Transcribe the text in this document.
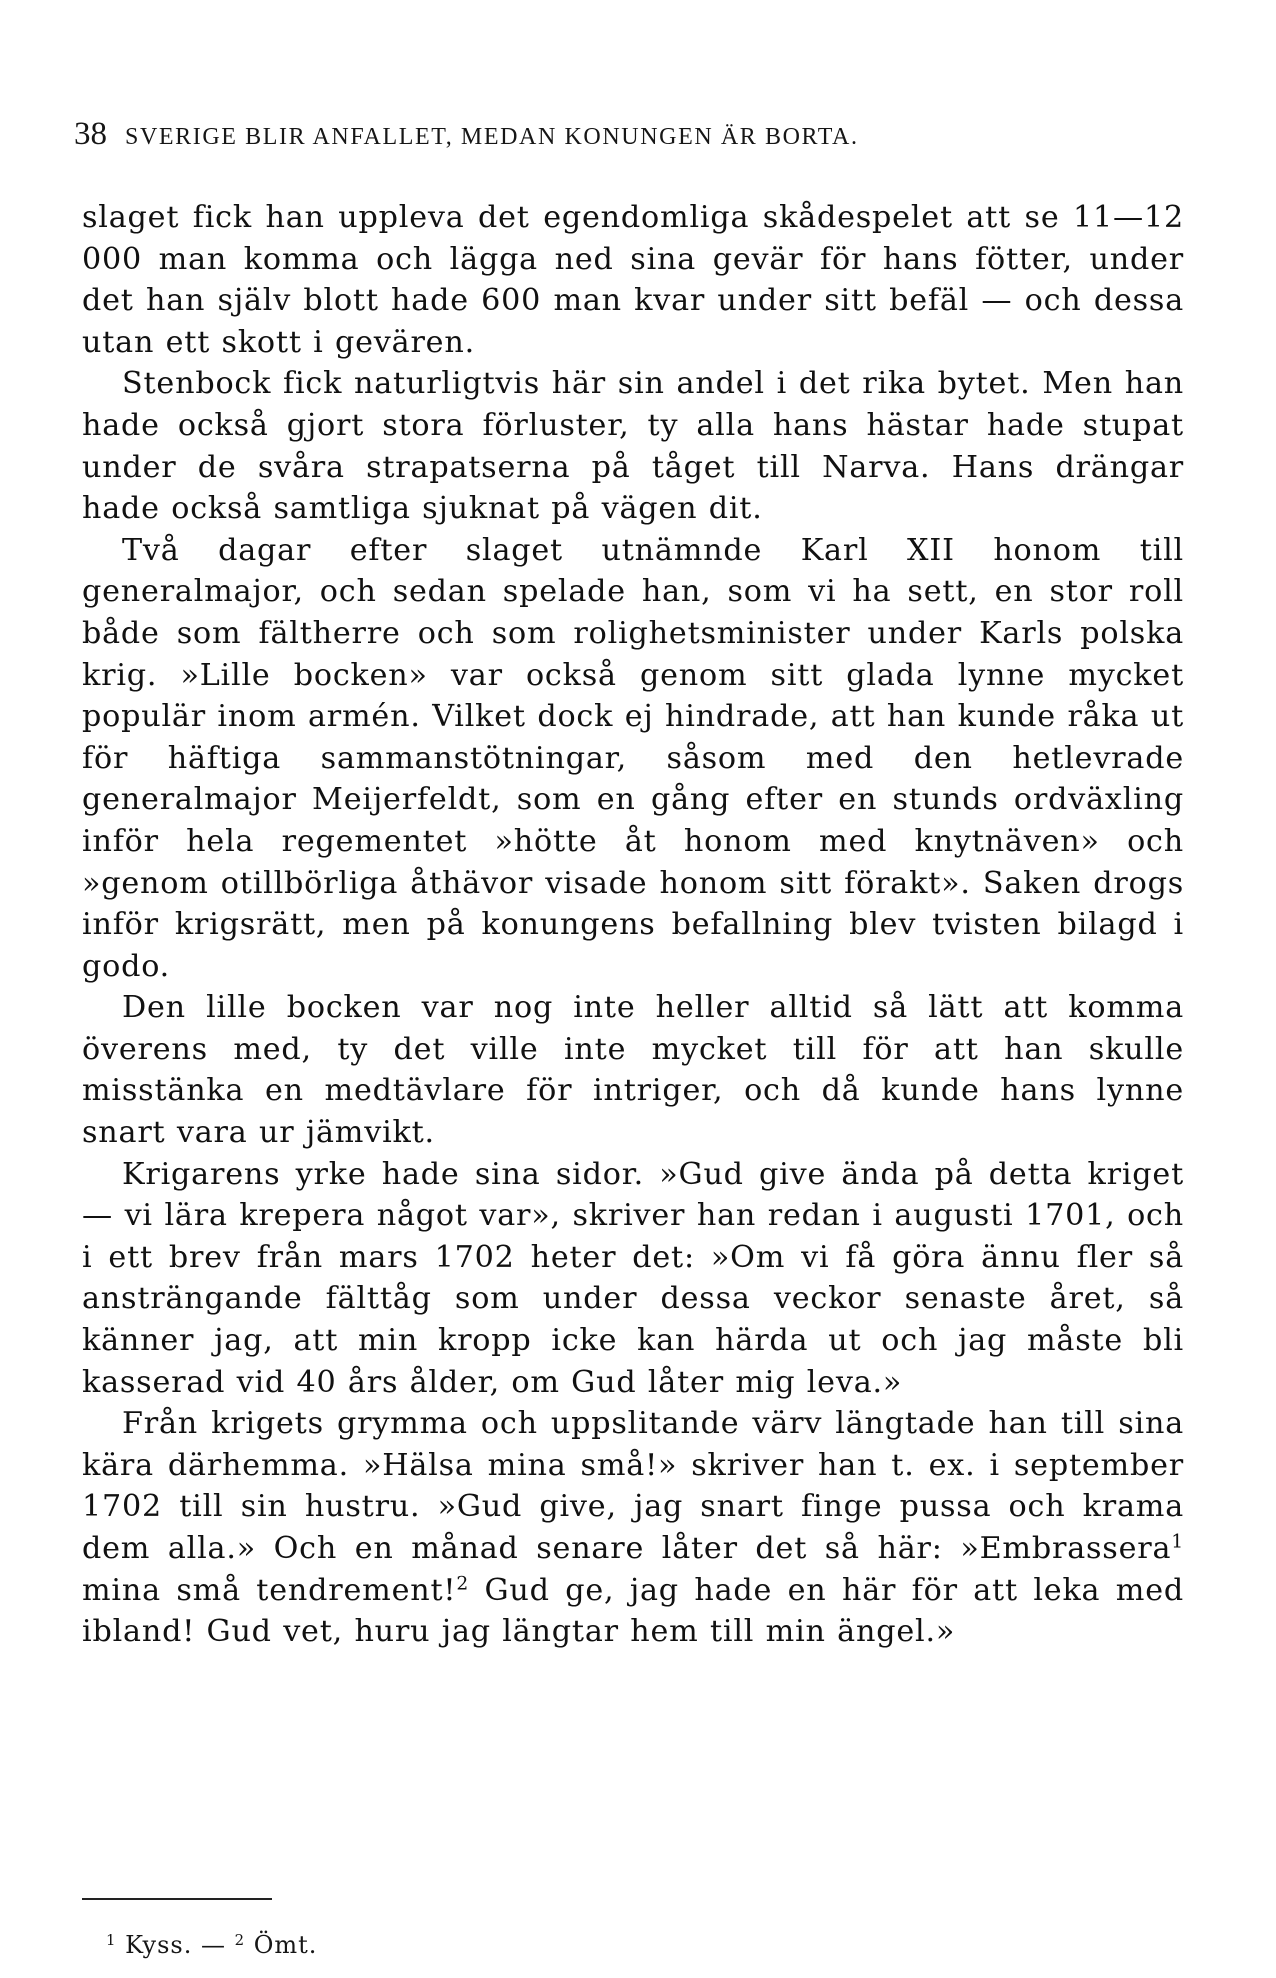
38 SVERIGE BLIR ANFALLET, MEDAN KONUNGEN ÄR BORTA.

slaget fick han uppleva det egendomliga skådespelet att se 11—12 000 man komma och lägga ned sina gevär för hans fötter, under det han själv blott hade 600 man kvar under sitt befäl — och dessa utan ett skott i gevären.

Stenbock fick naturligtvis här sin andel i det rika bytet. Men han hade också gjort stora förluster, ty alla hans hästar hade stupat under de svåra strapatserna på tåget till Narva. Hans drängar hade också samtliga sjuknat på vägen dit.

Två dagar efter slaget utnämnde Karl XII honom till generalmajor, och sedan spelade han, som vi ha sett, en stor roll både som fältherre och som rolighetsminister under Karls polska krig. »Lille bocken» var också genom sitt glada lynne mycket populär inom armén. Vilket dock ej hindrade, att han kunde råka ut för häftiga sammanstötningar, såsom med den hetlevrade generalmajor Meijerfeldt, som en gång efter en stunds ordväxling inför hela regementet »hötte åt honom med knytnäven» och »genom otillbörliga åthävor visade honom sitt förakt». Saken drogs inför krigsrätt, men på konungens befallning blev tvisten bilagd i godo.

Den lille bocken var nog inte heller alltid så lätt att komma överens med, ty det ville inte mycket till för att han skulle misstänka en medtävlare för intriger, och då kunde hans lynne snart vara ur jämvikt.

Krigarens yrke hade sina sidor. »Gud give ända på detta kriget — vi lära krepera något var», skriver han redan i augusti 1701, och i ett brev från mars 1702 heter det: »Om vi få göra ännu fler så ansträngande fälttåg som under dessa veckor senaste året, så känner jag, att min kropp icke kan härda ut och jag måste bli kasserad vid 40 års ålder, om Gud låter mig leva.»

Från krigets grymma och uppslitande värv längtade han till sina kära därhemma. »Hälsa mina små!» skriver han t. ex. i september 1702 till sin hustru. »Gud give, jag snart finge pussa och krama dem alla.» Och en månad senare låter det så här: »Embrassera$^1$ mina små tendrement!$^2$ Gud ge, jag hade en här för att leka med ibland! Gud vet, huru jag längtar hem till min ängel.»

$^1$ Kyss. — $^2$ Ömt.
